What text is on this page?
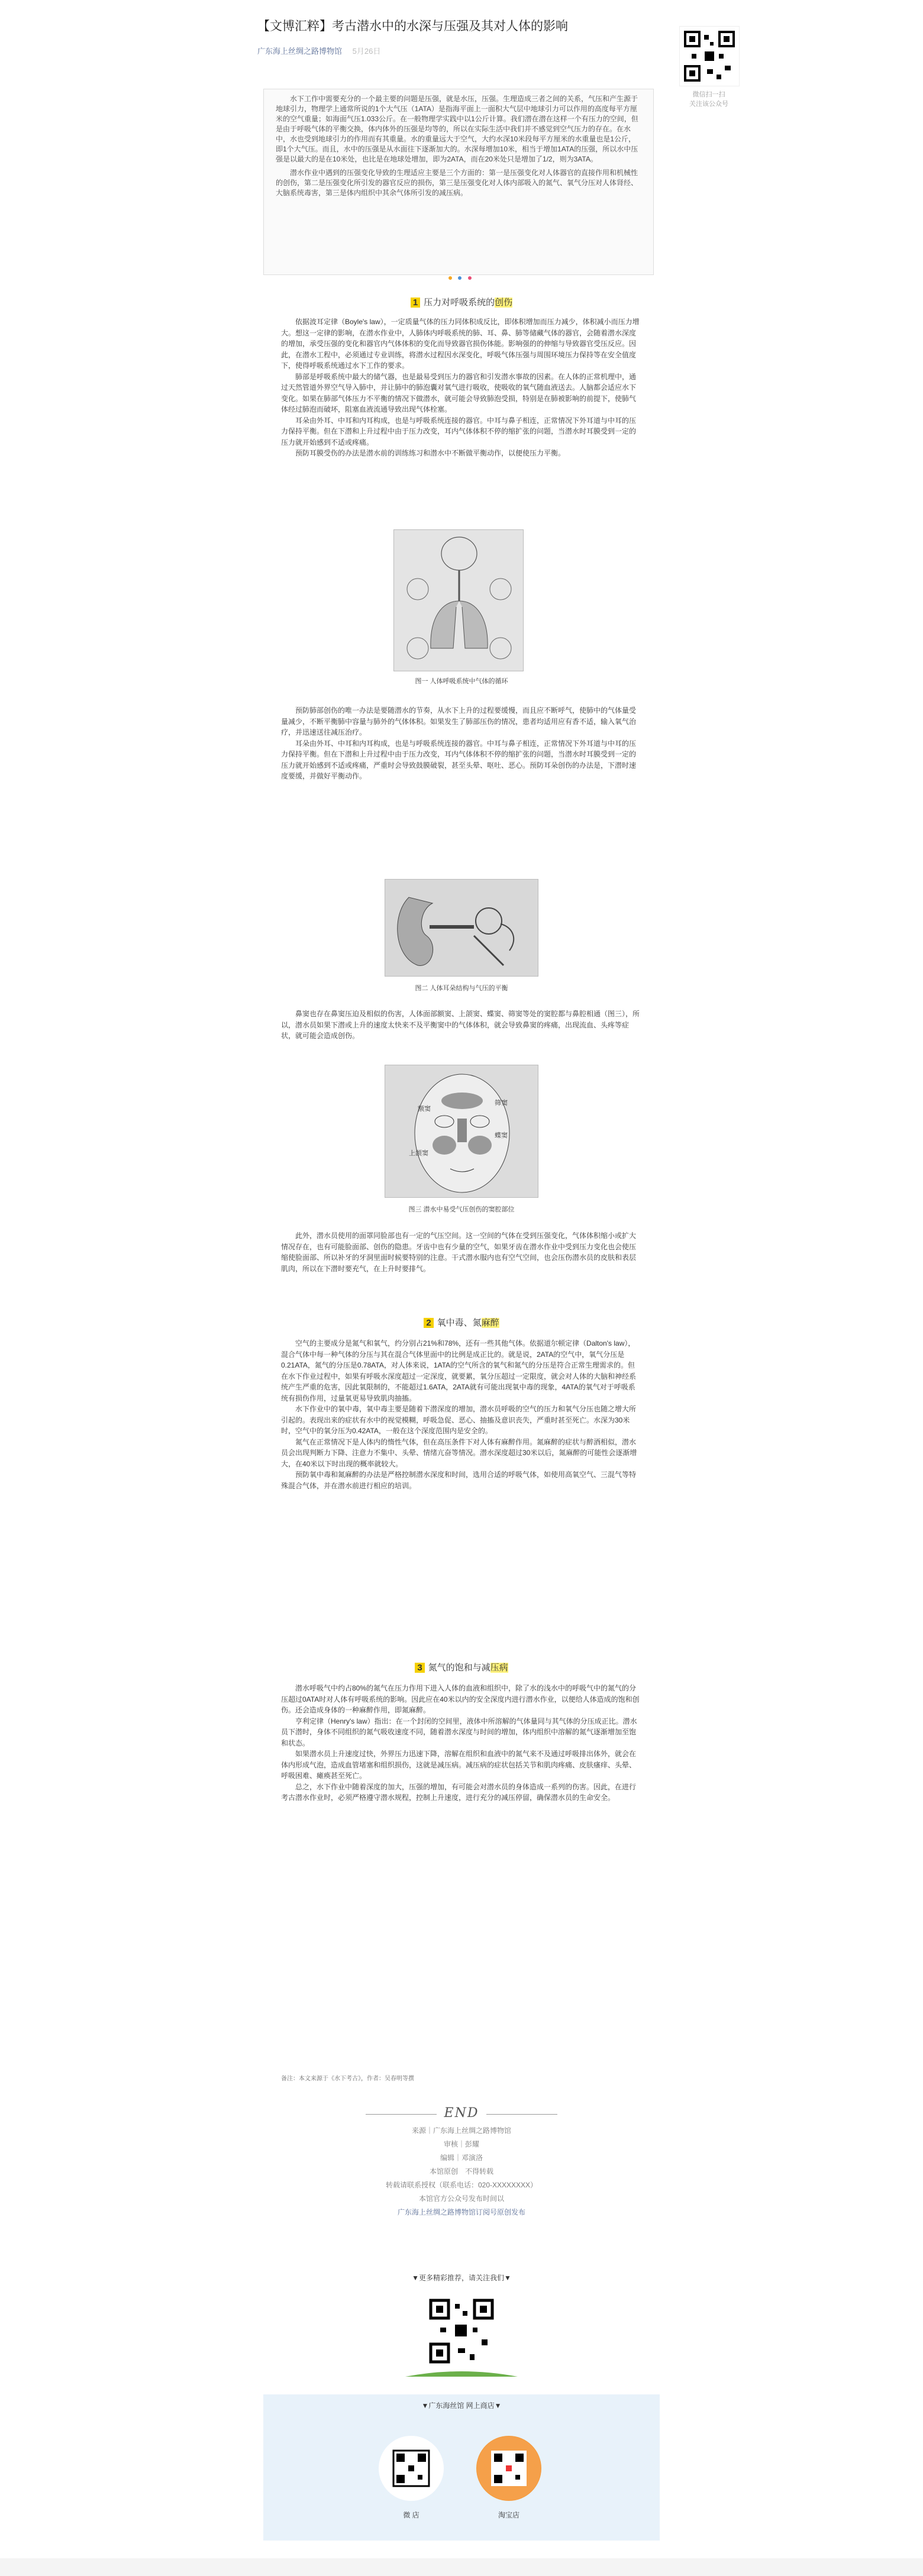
【文博汇粹】考古潜水中的水深与压强及其对人体的影响
广东海上丝绸之路博物馆 5月26日

水下工作中需要充分的一个最主要的问题是压强，就是水压，压强。生理造成三者之间的关系，气压和产生源于地球引力，物理学上通常所说的1个大气压（1ATA）是指海平面上一面积大气层中地球引力可以作用的高度每平方厘米的空气重量；如海面气压1.033公斤。在一般物理学实践中以1公斤计算。我们潜在潜在这样一个有压力的空间，但是由于呼吸气体的平衡交换，体内体外的压强是均等的，所以在实际生活中我们并不感觉到空气压力的存在。在水中，水也受到地球引力的作用而有其重量。水的重量远大于空气，大约水深10米段每平方厘米的水重量也是1公斤，即1个大气压。而且，水中的压强是从水面往下逐渐加大的。水深每增加10米，相当于增加1ATA的压强，所以水中压强是以最大的是在10米处，也比是在地球处增加，即为2ATA，而在20米处只是增加了1/2，则为3ATA。

潜水作业中遇到的压强变化导致的生理适应主要是三个方面的：第一是压强变化对人体器官的直接作用和机械性的创伤，第二是压强变化所引发的器官反应的损伤，第三是压强变化对人体内部吸入的氮气、氧气分压对人体肾经、大脑系统毒害，第三是体内组织中其余气体所引发的减压病。

1 压力对呼吸系统的创伤

依据波耳定律（Boyle's law），一定质量气体的压力同体积成反比，即体积增加而压力减少，体积减小而压力增大。想这一定律的影响，在潜水作业中，人肺体内呼吸系统的肺、耳、鼻、肺等储藏气体的器官，会随着潜水深度的增加，承受压强的变化和器官内气体体积的变化而导致器官损伤体能。影响强的的伸缩与导致器官受压反应。因此，在潜水工程中，必须通过专业训练，将潜水过程因水深变化，呼吸气体压强与周围环境压力保持等在安全值度下，使得呼吸系统通过水下工作的要求。

肺部是呼吸系统中最大的储气器，也是最易受到压力的器官和引发潜水事故的因素。在人体的正常机理中，通过天然管道外界空气导入肺中，并让肺中的肺泡囊对氧气进行吸收，使吸收的氧气随血液送去。人脑都会适应水下变化。如果在肺部气体压力不平衡的情况下做潜水，就可能会导致肺泡受损，特别是在肺被影响的前提下，使肺气体经过肺泡而破坏，阻塞血液流通导致出现气体栓塞。

耳朵由外耳、中耳和内耳构成，也是与呼吸系统连接的器官。中耳与鼻子相连，正常情况下外耳道与中耳的压力保持平衡。但在下潜和上升过程中由于压力改变，耳内气体体积不停的缩扩张的问题，当潜水时耳膜受到一定的压力就开始感到不适或疼痛。

预防耳膜受伤的办法是潜水前的训练练习和潜水中不断做平衡动作，以便使压力平衡。

图一 人体呼吸系统中气体的循环

预防肺部创伤的唯一办法是要随潜水的节奏，从水下上升的过程要缓慢，而且应不断呼气，使肺中的气体量受量减少，不断平衡肺中容量与肺外的气体体积。如果发生了肺部压伤的情况，患者均适用应有香不适，输入氧气治疗，并迅速送往减压治疗。

耳朵由外耳、中耳和内耳构成，也是与呼吸系统连接的器官。中耳与鼻子相连，正常情况下外耳道与中耳的压力保持平衡。但在下潜和上升过程中由于压力改变，耳内气体体积不停的缩扩张的问题，当潜水时耳膜受到一定的压力就开始感到不适或疼痛，严重时会导致鼓膜破裂，甚至头晕、呕吐、恶心。预防耳朵创伤的办法是，下潜时速度要缓，并做好平衡动作。

图二 人体耳朵结构与气压的平衡

鼻窦也存在鼻窦压迫及相似的伤害，人体面部额窦、上颌窦、蝶窦、筛窦等处的窦腔都与鼻腔相通（图三），所以，潜水员如果下潜或上升的速度太快来不及平衡窦中的气体体积，就会导致鼻窦的疼痛，出现流血、头疼等症状，就可能会造成创伤。

额窦
筛窦
蝶窦
上颌窦
图三 潜水中易受气压创伤的窦腔部位

此外，潜水员使用的面罩同脸部也有一定的气压空间。这一空间的气体在受到压强变化，气体体积缩小或扩大情况存在，也有可能脸面部、创伤的隐患。牙齿中也有少量的空气，如果牙齿在潜水作业中受到压力变化也会使压缩使脸面部、所以补牙的牙洞里面时候要特别的注意。干式潜水服内也有空气空间，也会压伤潜水员的皮肤和表层肌肉，所以在下潜时要充气，在上升时要排气。

2 氧中毒、氮麻醉

空气的主要成分是氮气和氧气，约分别占21%和78%，还有一些其他气体。依据道尔顿定律（Dalton's law），混合气体中每一种气体的分压与其在混合气体里面中的比例是成正比的。就是说，2ATA的空气中，氧气分压是0.21ATA，氮气的分压是0.78ATA，对人体来说，1ATA的空气所含的氧气和氮气的分压是符合正常生理需求的。但在水下作业过程中，如果有呼吸水深度超过一定深度，就要累，氧分压超过一定限度，就会对人体的大脑和神经系统产生严重的危害，因此氧限制的，不能超过1.6ATA，2ATA就有可能出现氧中毒的现象，4ATA的氧气对于呼吸系统有损伤作用，过量氧更易导致肌肉抽搐。

水下作业中的氧中毒，氧中毒主要是随着下潜深度的增加，潜水员呼吸的空气的压力和氧气分压也随之增大所引起的。表现出来的症状有水中的视觉模糊，呼吸急促、恶心、抽搐及意识丧失，严重时甚至死亡。水深为30米时，空气中的氧分压为0.42ATA，一般在这个深度范围内是安全的。

氮气在正常情况下是人体内的惰性气体，但在高压条件下对人体有麻醉作用。氮麻醉的症状与醉酒相似，潜水员会出现判断力下降、注意力不集中、头晕、情绪亢奋等情况。潜水深度超过30米以后，氮麻醉的可能性会逐渐增大，在40米以下时出现的概率就较大。

预防氧中毒和氮麻醉的办法是严格控制潜水深度和时间，选用合适的呼吸气体，如使用高氧空气、三混气等特殊混合气体，并在潜水前进行相应的培训。

3 氮气的饱和与减压病

潜水呼吸气中约占80%的氮气在压力作用下进入人体的血液和组织中，除了水的浅水中的呼吸气中的氮气的分压超过0ATA时对人体有呼吸系统的影响。因此应在40米以内的安全深度内进行潜水作业，以便给人体造成的饱和创伤。还会造成身体的一种麻醉作用，即氮麻醉。

亨利定律（Henry's law）指出：在一个封闭的空间里，液体中所溶解的气体量同与其气体的分压成正比。潜水员下潜时，身体不同组织的氮气吸收速度不同，随着潜水深度与时间的增加，体内组织中溶解的氮气逐渐增加至饱和状态。

如果潜水员上升速度过快，外界压力迅速下降，溶解在组织和血液中的氮气来不及通过呼吸排出体外，就会在体内形成气泡，造成血管堵塞和组织损伤，这就是减压病。减压病的症状包括关节和肌肉疼痛、皮肤瘙痒、头晕、呼吸困难、瘫痪甚至死亡。

总之，水下作业中随着深度的加大，压强的增加，有可能会对潜水员的身体造成一系列的伤害。因此，在进行考古潜水作业时，必须严格遵守潜水规程，控制上升速度，进行充分的减压停留，确保潜水员的生命安全。

备注：本文来源于《水下考古》，作者：吴春明等撰
END
来源｜广东海上丝绸之路博物馆
审核｜彭耀
编辑｜邓演洛
本馆原创　不得转载
转载请联系授权（联系电话：020-XXXXXXXX）
本馆官方公众号发布时间以
广东海上丝绸之路博物馆订阅号原创发布
▼更多精彩推荐，请关注我们▼
▼广东海丝馆 网上商店▼
微 店	淘宝店
微信扫一扫
关注该公众号
